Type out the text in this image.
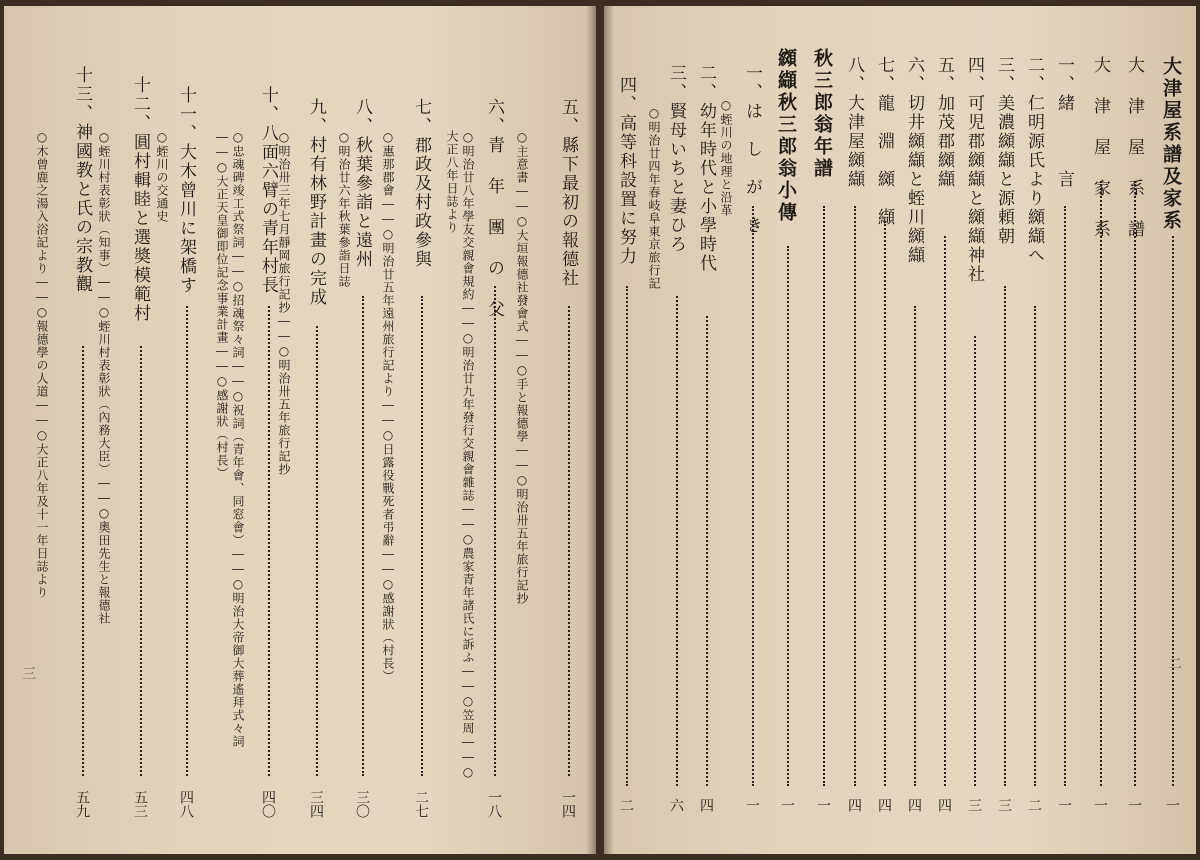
五、縣下最初の報德社
一四
○主意書――○大垣報德社發會式――○手と報德學――○明治卅五年旅行記抄
六、青 年 團 の 父
一八
○明治廿八年學友交親會規約――○明治廿九年發行交親會雜誌――○農家青年諸氏に訴ふ――○笠周――○大正八年日誌より
七、郡政及村政參與
二七
○惠那郡會――○明治廿五年遠州旅行記より――○日露役戰死者弔辭――○感謝狀（村長）
八、秋葉參詣と遠州
三〇
○明治廿六年秋葉參詣日誌
九、村有林野計畫の完成
三四
○明治卅三年七月靜岡旅行記抄――○明治卅五年旅行記抄
十、八面六臂の青年村長
四〇
○忠魂碑竣工式祭詞――○招魂祭々詞――○祝詞（青年會、同窓會）――○明治大帝御大葬遙拜式々詞――○大正天皇御即位記念事業計畫――○感謝狀（村長）
十一、大木曾川に架橋す
四八
○蛭川の交通史
十二、圓村輯睦と選奬模範村
五三
○蛭川村表彰狀（知事）――○蛭川村表彰狀（內務大臣）――○奧田先生と報德社
十三、神國教と氏の宗教觀
五九
○木曾鹿之湯入浴記より――○報德學の人道――○大正八年及十一年日誌より
三
大津屋系譜及家系
一
大 津 屋 系 譜
一
大 津 屋 家 系
一
一、緒　　　言
一
二、仁明源氏より纐纈へ
二
三、美濃纐纈と源頼朝
三
四、可児郡纐纈と纐纈神社
三
五、加茂郡纐纈
四
六、切井纐纈と蛭川纐纈
四
七、龍　淵　纐　纈
四
八、大津屋纐纈
四
秋三郎翁年譜
一
纐纈秋三郎翁小傳
一
一、は　し　が　き
一
○蛭川の地理と沿革
二、幼年時代と小學時代
四
三、賢母いちと妻ひろ
六
○明治廿四年春岐阜東京旅行記
四、高等科設置に努力
二
二
